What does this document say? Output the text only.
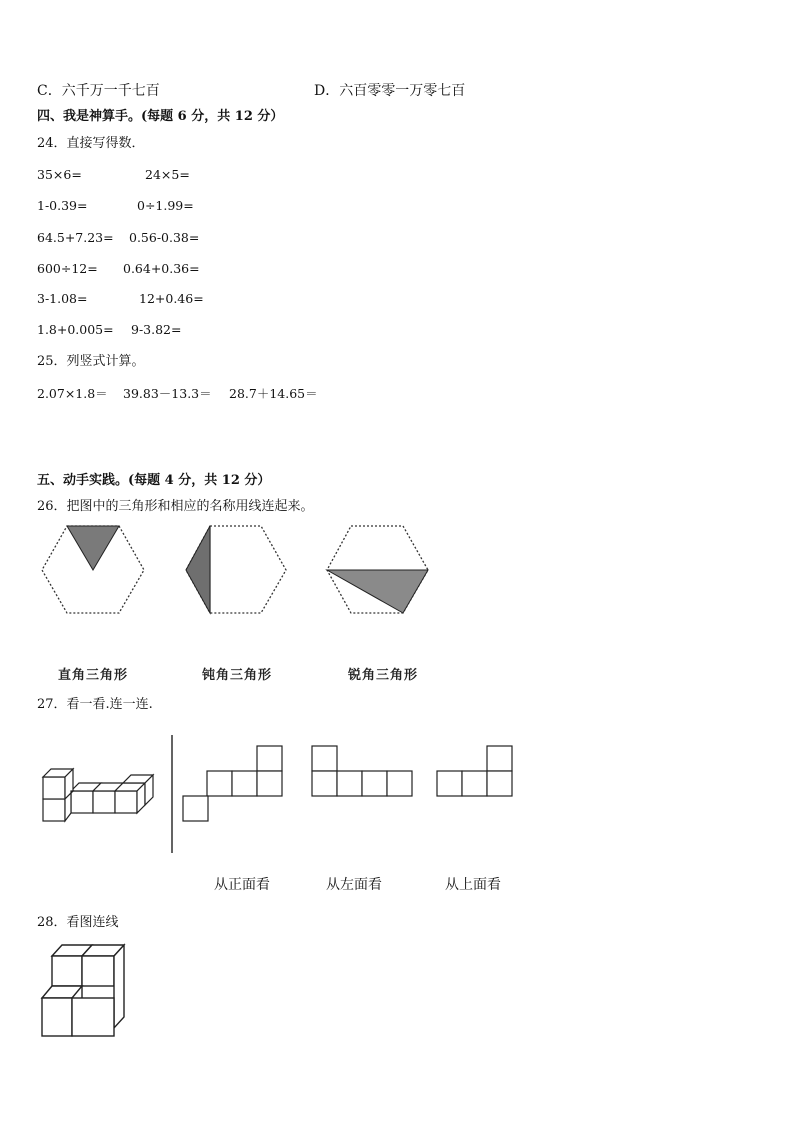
C．六千万一千七百	D．六百零零一万零七百
四、我是神算手。(每题 6 分，共 12 分）
24．直接写得数．
35×6=	24×5=
1-0.39=	0÷1.99=
64.5+7.23= 0.56-0.38=
600÷12= 0.64+0.36=
3-1.08=	12+0.46=
1.8+0.005= 9-3.82=
25．列竖式计算。
2.07×1.8＝ 39.83－13.3＝ 28.7＋14.65＝
五、动手实践。(每题 4 分，共 12 分）
26．把图中的三角形和相应的名称用线连起来。
直角三角形	钝角三角形	锐角三角形
27．看一看.连一连.
从正面看	从左面看	从上面看
28．看图连线
